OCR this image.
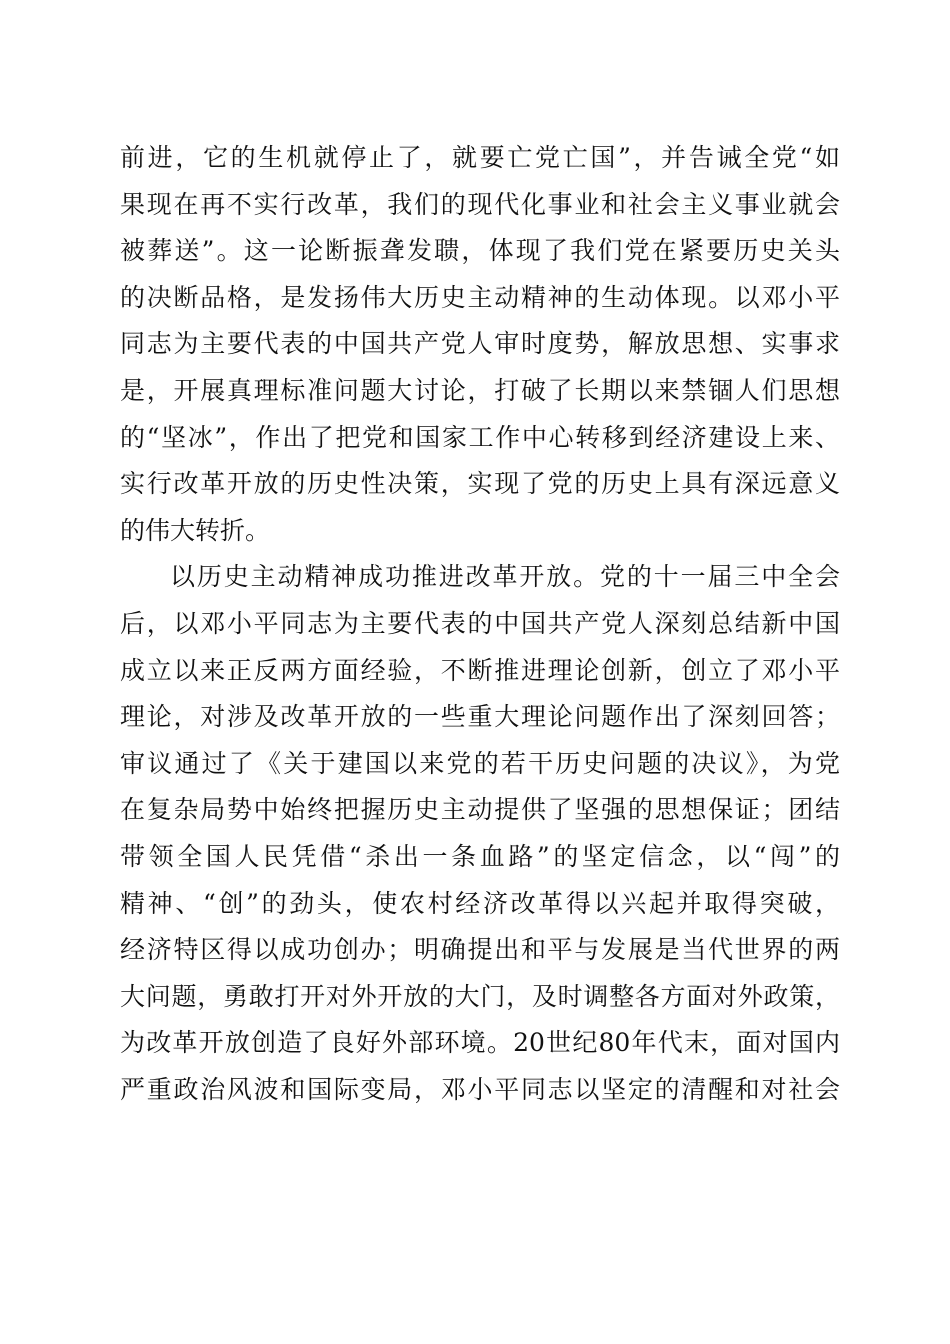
前进，它的生机就停止了，就要亡党亡国”，并告诫全党“如
果现在再不实行改革，我们的现代化事业和社会主义事业就会
被葬送”。这一论断振聋发聩，体现了我们党在紧要历史关头
的决断品格，是发扬伟大历史主动精神的生动体现。以邓小平
同志为主要代表的中国共产党人审时度势，解放思想、实事求
是，开展真理标准问题大讨论，打破了长期以来禁锢人们思想
的“坚冰”，作出了把党和国家工作中心转移到经济建设上来、
实行改革开放的历史性决策，实现了党的历史上具有深远意义
的伟大转折。
以历史主动精神成功推进改革开放。党的十一届三中全会
后，以邓小平同志为主要代表的中国共产党人深刻总结新中国
成立以来正反两方面经验，不断推进理论创新，创立了邓小平
理论，对涉及改革开放的一些重大理论问题作出了深刻回答；
审议通过了《关于建国以来党的若干历史问题的决议》，为党
在复杂局势中始终把握历史主动提供了坚强的思想保证；团结
带领全国人民凭借“杀出一条血路”的坚定信念，以“闯”的
精神、“创”的劲头，使农村经济改革得以兴起并取得突破，
经济特区得以成功创办；明确提出和平与发展是当代世界的两
大问题，勇敢打开对外开放的大门，及时调整各方面对外政策，
为改革开放创造了良好外部环境。20世纪80年代末，面对国内
严重政治风波和国际变局，邓小平同志以坚定的清醒和对社会
